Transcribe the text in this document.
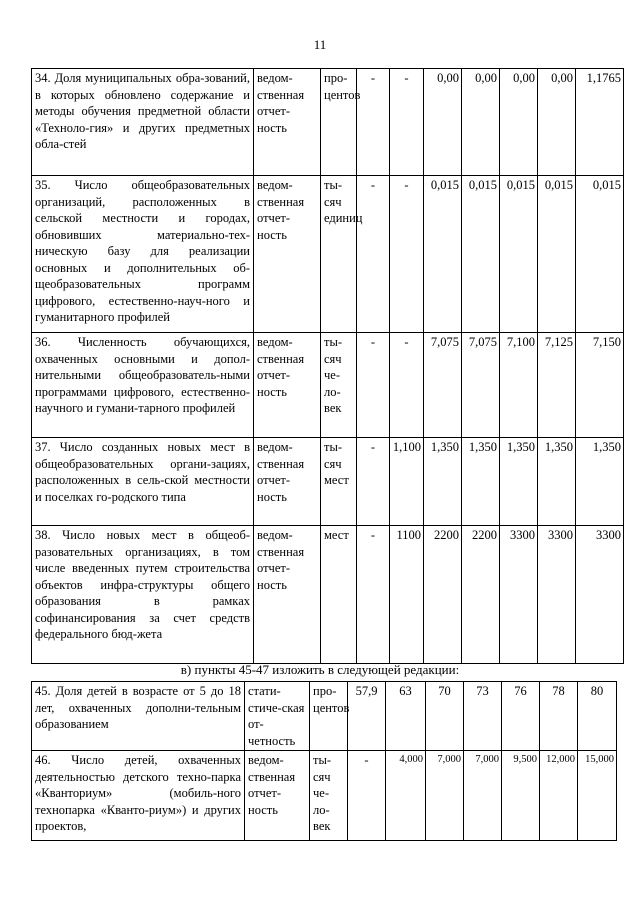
11
34. Доля муниципальных обра-зований, в которых обновлено содержание и методы обучения предметной области «Техноло-гия» и других предметных обла-стей	ведом-ственная отчет-ность	про-центов	-	-	0,00	0,00	0,00	0,00	1,1765
35. Число общеобразовательных организаций, расположенных в сельской местности и городах, обновивших материально-тех-ническую базу для реализации основных и дополнительных об-щеобразовательных программ цифрового, естественно-науч-ного и гуманитарного профилей	ведом-ственная отчет-ность	ты-сяч единиц	-	-	0,015	0,015	0,015	0,015	0,015
36. Численность обучающихся, охваченных основными и допол-нительными общеобразователь-ными программами цифрового, естественно-научного и гумани-тарного профилей	ведом-ственная отчет-ность	ты-сяч че-ло-век	-	-	7,075	7,075	7,100	7,125	7,150
37. Число созданных новых мест в общеобразовательных органи-зациях, расположенных в сель-ской местности и поселках го-родского типа	ведом-ственная отчет-ность	ты-сяч мест	-	1,100	1,350	1,350	1,350	1,350	1,350
38. Число новых мест в общеоб-разовательных организациях, в том числе введенных путем строительства объектов инфра-структуры общего образования в рамках софинансирования за счет средств федерального бюд-жета	ведом-ственная отчет-ность	мест	-	1100	2200	2200	3300	3300	3300
в) пункты 45-47 изложить в следующей редакции:
45. Доля детей в возрасте от 5 до 18 лет, охваченных дополни-тельным образованием	стати-стиче-ская от-четность	про-центов	57,9	63	70	73	76	78	80
46. Число детей, охваченных деятельностью детского техно-парка «Кванториум» (мобиль-ного технопарка «Кванто-риум») и других проектов,	ведом-ственная отчет-ность	ты-сяч че-ло-век	-	4,000	7,000	7,000	9,500	12,000	15,000
